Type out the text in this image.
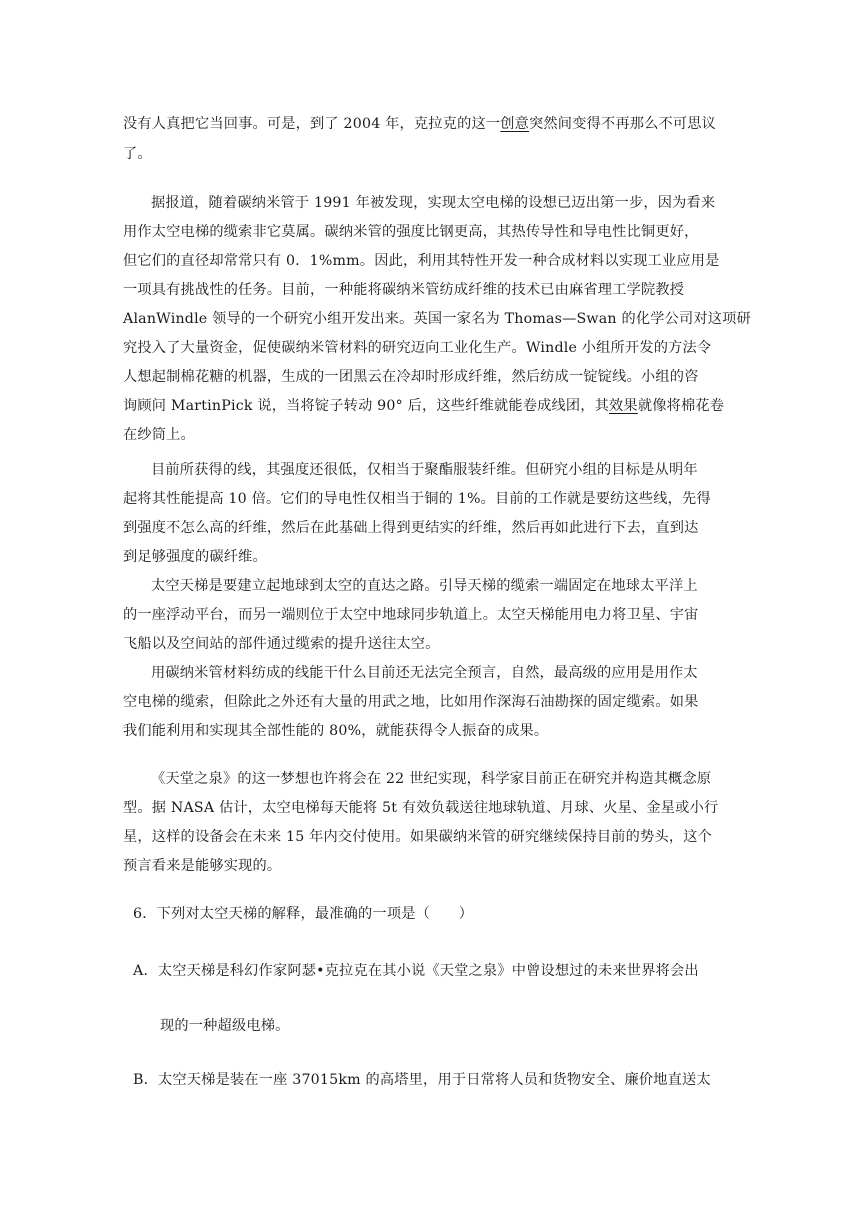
没有人真把它当回事。可是，到了 2004 年，克拉克的这一创意突然间变得不再那么不可思议
了。
据报道，随着碳纳米管于 1991 年被发现，实现太空电梯的设想已迈出第一步，因为看来
用作太空电梯的缆索非它莫属。碳纳米管的强度比钢更高，其热传导性和导电性比铜更好，
但它们的直径却常常只有 0．1%mm。因此，利用其特性开发一种合成材料以实现工业应用是
一项具有挑战性的任务。目前，一种能将碳纳米管纺成纤维的技术已由麻省理工学院教授
AlanWindle 领导的一个研究小组开发出来。英国一家名为 Thomas—Swan 的化学公司对这项研
究投入了大量资金，促使碳纳米管材料的研究迈向工业化生产。Windle 小组所开发的方法令
人想起制棉花糖的机器，生成的一团黑云在冷却时形成纤维，然后纺成一锭锭线。小组的咨
询顾问 MartinPick 说，当将锭子转动 90° 后，这些纤维就能卷成线团，其效果就像将棉花卷
在纱筒上。
目前所获得的线，其强度还很低，仅相当于聚酯服装纤维。但研究小组的目标是从明年
起将其性能提高 10 倍。它们的导电性仅相当于铜的 1%。目前的工作就是要纺这些线，先得
到强度不怎么高的纤维，然后在此基础上得到更结实的纤维，然后再如此进行下去，直到达
到足够强度的碳纤维。
太空天梯是要建立起地球到太空的直达之路。引导天梯的缆索一端固定在地球太平洋上
的一座浮动平台，而另一端则位于太空中地球同步轨道上。太空天梯能用电力将卫星、宇宙
飞船以及空间站的部件通过缆索的提升送往太空。
用碳纳米管材料纺成的线能干什么目前还无法完全预言，自然，最高级的应用是用作太
空电梯的缆索，但除此之外还有大量的用武之地，比如用作深海石油勘探的固定缆索。如果
我们能利用和实现其全部性能的 80%，就能获得令人振奋的成果。
《天堂之泉》的这一梦想也许将会在 22 世纪实现，科学家目前正在研究并构造其概念原
型。据 NASA 估计，太空电梯每天能将 5t 有效负载送往地球轨道、月球、火星、金星或小行
星，这样的设备会在未来 15 年内交付使用。如果碳纳米管的研究继续保持目前的势头，这个
预言看来是能够实现的。
6．下列对太空天梯的解释，最准确的一项是（　　）
A．太空天梯是科幻作家阿瑟•克拉克在其小说《天堂之泉》中曾设想过的未来世界将会出
现的一种超级电梯。
B．太空天梯是装在一座 37015km 的高塔里，用于日常将人员和货物安全、廉价地直送太
